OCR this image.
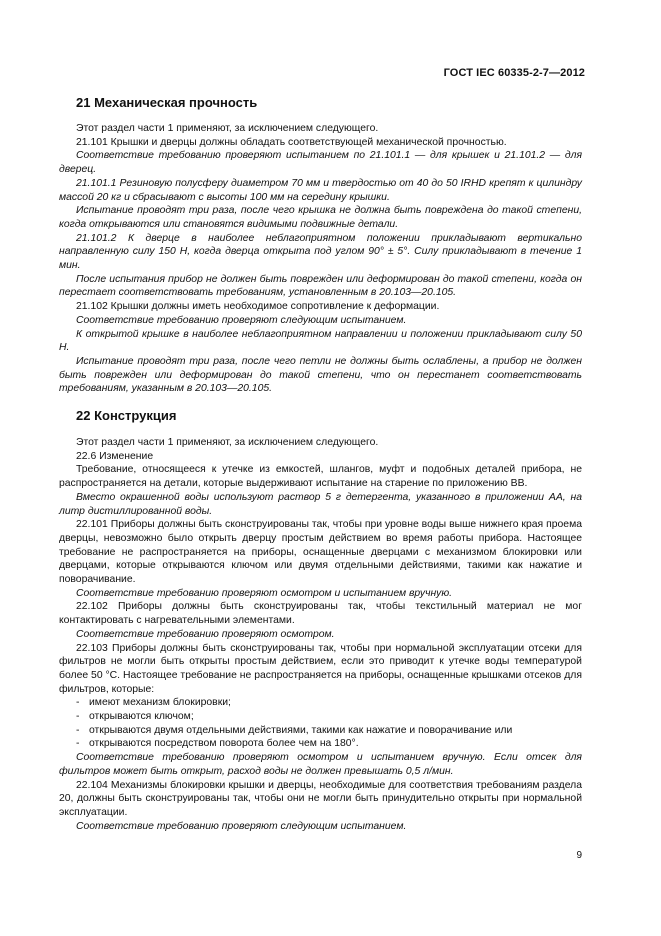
ГОСТ IEC 60335-2-7—2012
21 Механическая прочность

Этот раздел части 1 применяют, за исключением следующего.

21.101 Крышки и дверцы должны обладать соответствующей механической прочностью.

Соответствие требованию проверяют испытанием по 21.101.1 — для крышек и 21.101.2 — для дверец.

21.101.1 Резиновую полусферу диаметром 70 мм и твердостью от 40 до 50 IRHD крепят к цилиндру массой 20 кг и сбрасывают с высоты 100 мм на середину крышки.

Испытание проводят три раза, после чего крышка не должна быть повреждена до такой степени, когда открываются или становятся видимыми подвижные детали.

21.101.2 К дверце в наиболее неблагоприятном положении прикладывают вертикально направленную силу 150 Н, когда дверца открыта под углом 90° ± 5°. Силу прикладывают в течение 1 мин.

После испытания прибор не должен быть поврежден или деформирован до такой степени, когда он перестает соответствовать требованиям, установленным в 20.103—20.105.

21.102 Крышки должны иметь необходимое сопротивление к деформации.

Соответствие требованию проверяют следующим испытанием.

К открытой крышке в наиболее неблагоприятном направлении и положении прикладывают силу 50 Н.

Испытание проводят три раза, после чего петли не должны быть ослаблены, а прибор не должен быть поврежден или деформирован до такой степени, что он перестанет соответствовать требованиям, указанным в 20.103—20.105.

22 Конструкция

Этот раздел части 1 применяют, за исключением следующего.

22.6 Изменение

Требование, относящееся к утечке из емкостей, шлангов, муфт и подобных деталей прибора, не распространяется на детали, которые выдерживают испытание на старение по приложению ВВ.

Вместо окрашенной воды используют раствор 5 г детергента, указанного в приложении АА, на литр дистиллированной воды.

22.101 Приборы должны быть сконструированы так, чтобы при уровне воды выше нижнего края проема дверцы, невозможно было открыть дверцу простым действием во время работы прибора. Настоящее требование не распространяется на приборы, оснащенные дверцами с механизмом блокировки или дверцами, которые открываются ключом или двумя отдельными действиями, такими как нажатие и поворачивание.

Соответствие требованию проверяют осмотром и испытанием вручную.

22.102 Приборы должны быть сконструированы так, чтобы текстильный материал не мог контактировать с нагревательными элементами.

Соответствие требованию проверяют осмотром.

22.103 Приборы должны быть сконструированы так, чтобы при нормальной эксплуатации отсеки для фильтров не могли быть открыты простым действием, если это приводит к утечке воды температурой более 50 °С. Настоящее требование не распространяется на приборы, оснащенные крышками отсеков для фильтров, которые:

- имеют механизм блокировки;
- открываются ключом;
- открываются двумя отдельными действиями, такими как нажатие и поворачивание или
- открываются посредством поворота более чем на 180°.

Соответствие требованию проверяют осмотром и испытанием вручную. Если отсек для фильтров может быть открыт, расход воды не должен превышать 0,5 л/мин.

22.104 Механизмы блокировки крышки и дверцы, необходимые для соответствия требованиям раздела 20, должны быть сконструированы так, чтобы они не могли быть принудительно открыты при нормальной эксплуатации.

Соответствие требованию проверяют следующим испытанием.

9
